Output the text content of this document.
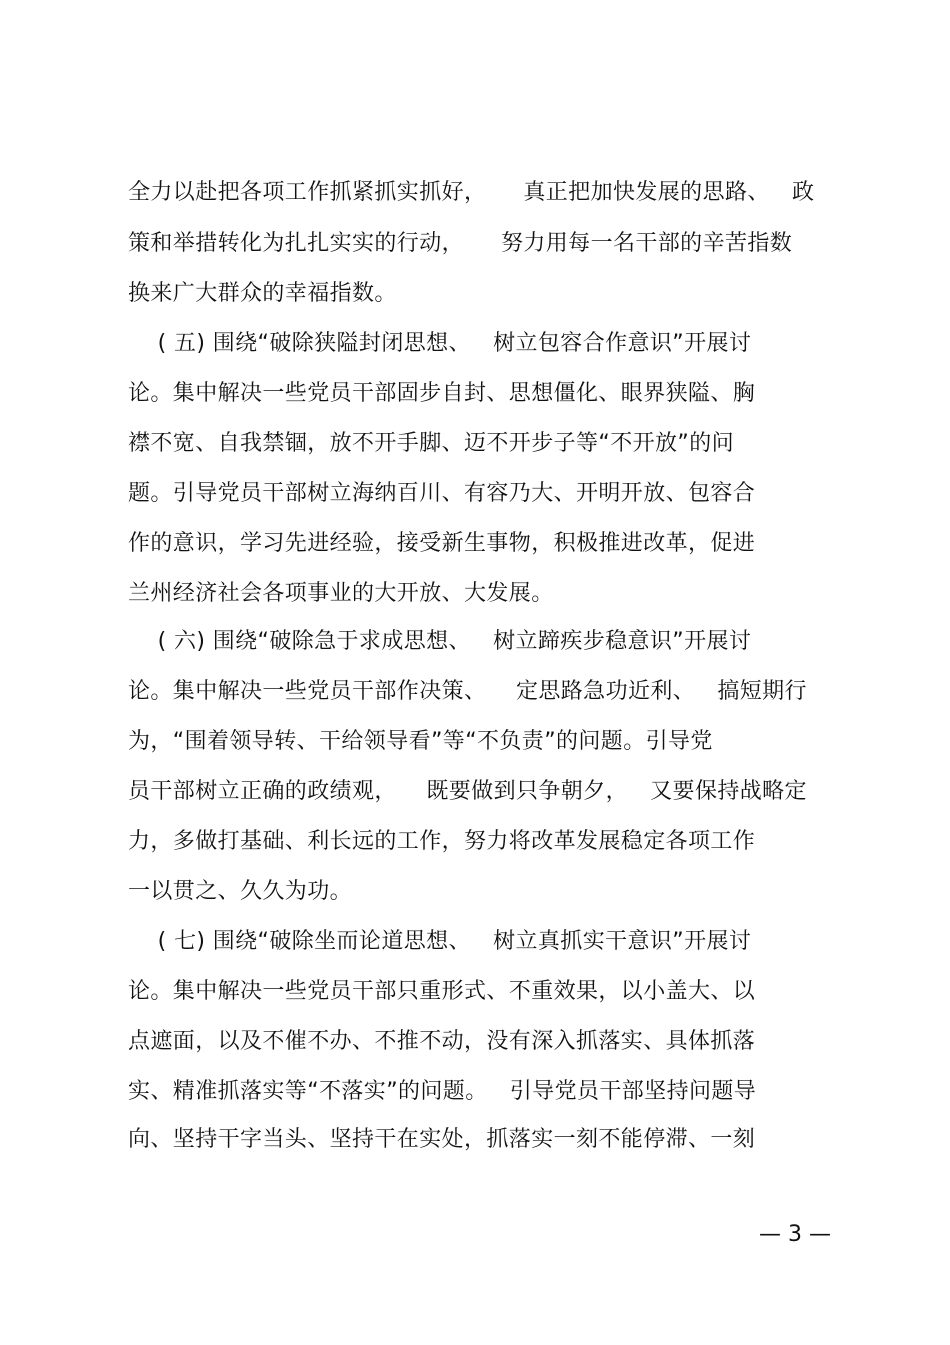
全力以赴把各项工作抓紧抓实抓好，     真正把加快发展的思路、   政
策和举措转化为扎扎实实的行动，     努力用每一名干部的辛苦指数
换来广大群众的幸福指数。
( 五) 围绕“破除狭隘封闭思想、   树立包容合作意识”开展讨
论。集中解决一些党员干部固步自封、思想僵化、眼界狭隘、胸
襟不宽、自我禁锢，放不开手脚、迈不开步子等“不开放”的问
题。引导党员干部树立海纳百川、有容乃大、开明开放、包容合
作的意识，学习先进经验，接受新生事物，积极推进改革，促进
兰州经济社会各项事业的大开放、大发展。
( 六) 围绕“破除急于求成思想、   树立蹄疾步稳意识”开展讨
论。集中解决一些党员干部作决策、    定思路急功近利、   搞短期行
为，“围着领导转、干给领导看”等“不负责”的问题。引导党
员干部树立正确的政绩观，    既要做到只争朝夕，   又要保持战略定
力，多做打基础、利长远的工作，努力将改革发展稳定各项工作
一以贯之、久久为功。
( 七) 围绕“破除坐而论道思想、   树立真抓实干意识”开展讨
论。集中解决一些党员干部只重形式、不重效果，以小盖大、以
点遮面，以及不催不办、不推不动，没有深入抓落实、具体抓落
实、精准抓落实等“不落实”的问题。   引导党员干部坚持问题导
向、坚持干字当头、坚持干在实处，抓落实一刻不能停滞、一刻
— 3 —
